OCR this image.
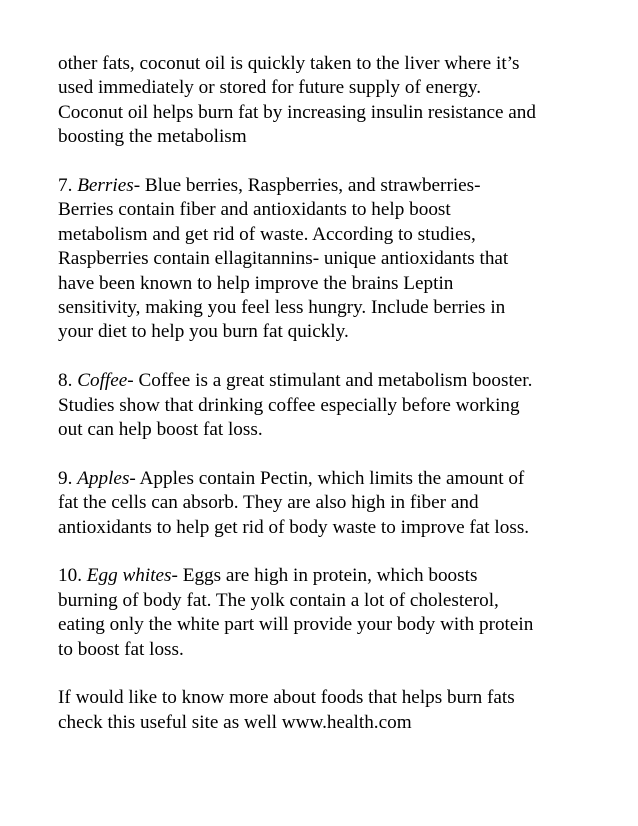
other fats, coconut oil is quickly taken to the liver where it’s
used immediately or stored for future supply of energy.
Coconut oil helps burn fat by increasing insulin resistance and
boosting the metabolism
7. Berries- Blue berries, Raspberries, and strawberries-
Berries contain fiber and antioxidants to help boost
metabolism and get rid of waste. According to studies,
Raspberries contain ellagitannins- unique antioxidants that
have been known to help improve the brains Leptin
sensitivity, making you feel less hungry. Include berries in
your diet to help you burn fat quickly.
8. Coffee- Coffee is a great stimulant and metabolism booster.
Studies show that drinking coffee especially before working
out can help boost fat loss.
9. Apples- Apples contain Pectin, which limits the amount of
fat the cells can absorb. They are also high in fiber and
antioxidants to help get rid of body waste to improve fat loss.
10. Egg whites- Eggs are high in protein, which boosts
burning of body fat. The yolk contain a lot of cholesterol,
eating only the white part will provide your body with protein
to boost fat loss.
If would like to know more about foods that helps burn fats
check this useful site as well www.health.com
